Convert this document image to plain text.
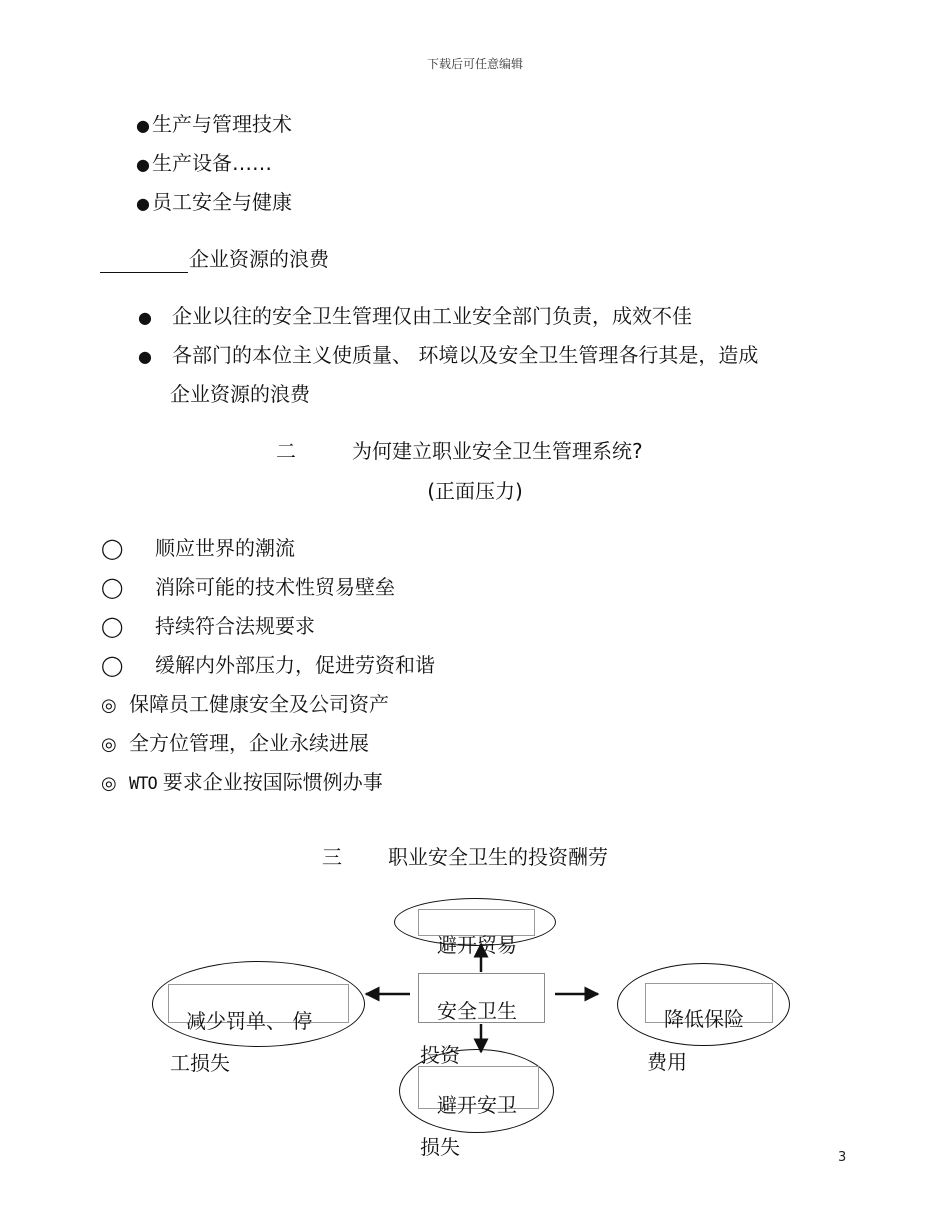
下载后可任意编辑
● 生产与管理技术
● 生产设备……
● 员工安全与健康
企业资源的浪费
● 企业以往的安全卫生管理仅由工业安全部门负责，成效不佳
● 各部门的本位主义使质量、 环境以及安全卫生管理各行其是，造成
企业资源的浪费
二	为何建立职业安全卫生管理系统?
(正面压力)
◯ 顺应世界的潮流
◯ 消除可能的技术性贸易壁垒
◯ 持续符合法规要求
◯ 缓解内外部压力，促进劳资和谐
◎ 保障员工健康安全及公司资产
◎ 全方位管理，企业永续进展
◎ WTO 要求企业按国际惯例办事
三 职业安全卫生的投资酬劳
避开贸易
减少罚单、 停
工损失
安全卫生
投资
降低保险
费用
避开安卫
损失	3
